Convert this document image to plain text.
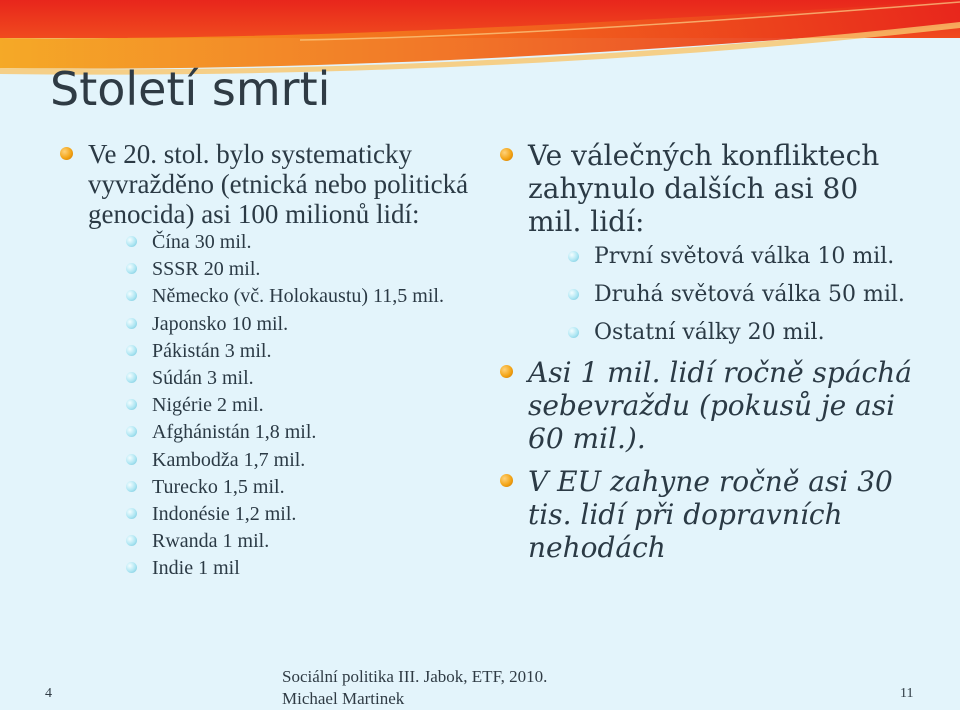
Století smrti
Ve 20. stol. bylo systematicky vyvražděno (etnická nebo politická genocida) asi 100 milionů lidí:
Čína 30 mil.
SSSR 20 mil.
Německo (vč. Holokaustu) 11,5 mil.
Japonsko 10 mil.
Pákistán 3 mil.
Súdán 3 mil.
Nigérie 2 mil.
Afghánistán 1,8 mil.
Kambodža 1,7 mil.
Turecko 1,5 mil.
Indonésie 1,2 mil.
Rwanda 1 mil.
Indie 1 mil
Ve válečných konfliktech zahynulo dalších asi 80 mil. lidí:
První světová válka 10 mil.
Druhá světová válka 50 mil.
Ostatní války 20 mil.
Asi 1 mil. lidí ročně spáchá sebevraždu (pokusů je asi 60 mil.).
V EU zahyne ročně asi 30 tis. lidí při dopravních nehodách
Sociální politika III. Jabok, ETF, 2010.
Michael Martinek
4	11
